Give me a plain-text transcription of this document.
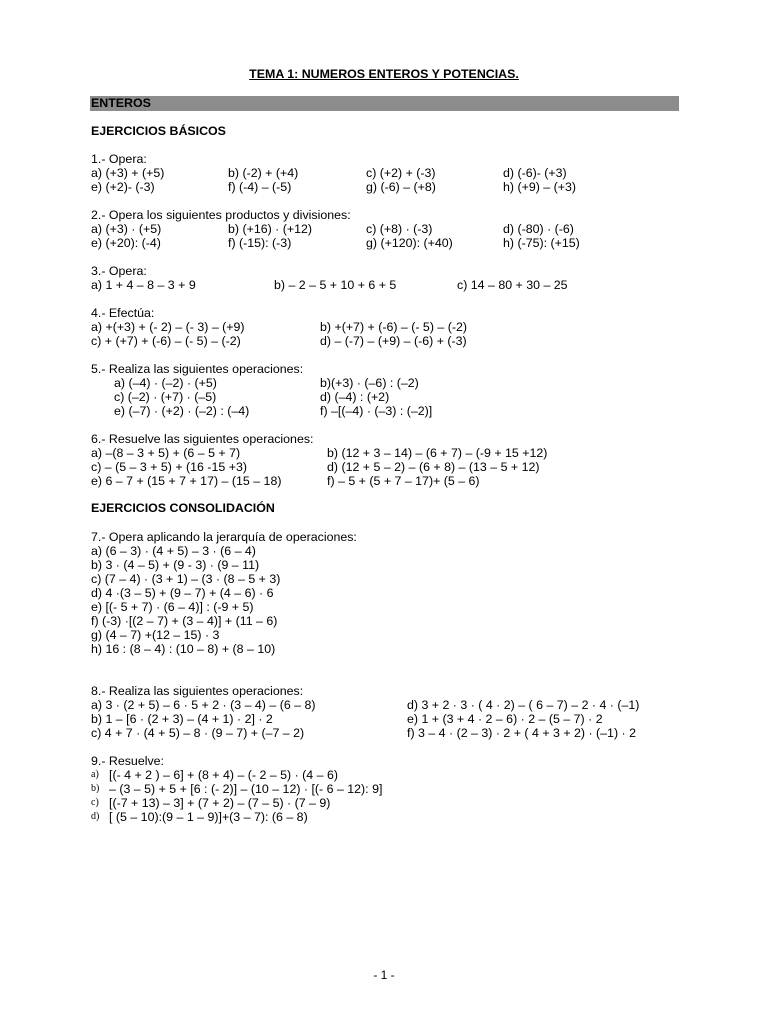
TEMA 1: NUMEROS ENTEROS Y POTENCIAS.
ENTEROS
EJERCICIOS BÁSICOS
1.- Opera:
a) (+3) + (+5)	b) (-2) + (+4)	c) (+2) + (-3)	d) (-6)- (+3)
e) (+2)- (-3)	f) (-4) – (-5)	g) (-6) – (+8)	h) (+9) – (+3)
2.- Opera los siguientes productos y divisiones:
a) (+3) · (+5)	b) (+16) · (+12)	c) (+8) · (-3)	d) (-80) · (-6)
e) (+20): (-4)	f) (-15): (-3)	g) (+120): (+40)	h) (-75): (+15)
3.- Opera:
a) 1 + 4 – 8 – 3 + 9	b) – 2 – 5 + 10 + 6 + 5	c) 14 – 80 + 30 – 25
4.- Efectúa:
a) +(+3) + (- 2) – (- 3) – (+9)	b) +(+7) + (-6) – (- 5) – (-2)
c) + (+7) + (-6) – (- 5) – (-2)	d) – (-7) – (+9) – (-6) + (-3)
5.- Realiza las siguientes operaciones:
a) (–4) · (–2) · (+5)	b)(+3) · (–6) : (–2)
c) (–2) · (+7) · (–5)	d) (–4) : (+2)
e) (–7) · (+2) · (–2) : (–4)	f) –[(–4) · (–3) : (–2)]
6.- Resuelve las siguientes operaciones:
a) –(8 – 3 + 5) + (6 – 5 + 7)	b) (12 + 3 – 14) – (6 + 7) – (-9 + 15 +12)
c) – (5 – 3 + 5) + (16 -15 +3)	d) (12 + 5 – 2) – (6 + 8) – (13 – 5 + 12)
e) 6 – 7 + (15 + 7 + 17) – (15 – 18)	f) – 5 + (5 + 7 – 17)+ (5 – 6)
EJERCICIOS CONSOLIDACIÓN
7.- Opera aplicando la jerarquía de operaciones:
a) (6 – 3) · (4 + 5) – 3 · (6 – 4)
b) 3 · (4 – 5) + (9 - 3) · (9 – 11)
c) (7 – 4) · (3 + 1) – (3 · (8 – 5 + 3)
d) 4 ·(3 – 5) + (9 – 7) + (4 – 6) · 6
e) [(- 5 + 7) · (6 – 4)] : (-9 + 5)
f) (-3) ·[(2 – 7) + (3 – 4)] + (11 – 6)
g) (4 – 7) +(12 – 15) · 3
h) 16 : (8 – 4) : (10 – 8) + (8 – 10)
8.- Realiza las siguientes operaciones:
a) 3 · (2 + 5) – 6 · 5 + 2 · (3 – 4) – (6 – 8)	d) 3 + 2 · 3 · ( 4 · 2) – ( 6 – 7) – 2 · 4 · (–1)
b) 1 – [6 · (2 + 3) – (4 + 1) · 2] · 2	e) 1 + (3 + 4 · 2 – 6) · 2 – (5 – 7) · 2
c) 4 + 7 · (4 + 5) – 8 · (9 – 7) + (–7 – 2)	f) 3 – 4 · (2 – 3) · 2 + ( 4 + 3 + 2) · (–1) · 2
9.- Resuelve:
a) [(- 4 + 2 ) – 6] + (8 + 4) – (- 2 – 5) · (4 – 6)
b) – (3 – 5) + 5 + [6 : (- 2)] – (10 – 12) · [(- 6 – 12): 9]
c) [(-7 + 13) – 3] + (7 + 2) – (7 – 5) · (7 – 9)
d) [ (5 – 10):(9 – 1 – 9)]+(3 – 7): (6 – 8)
- 1 -
